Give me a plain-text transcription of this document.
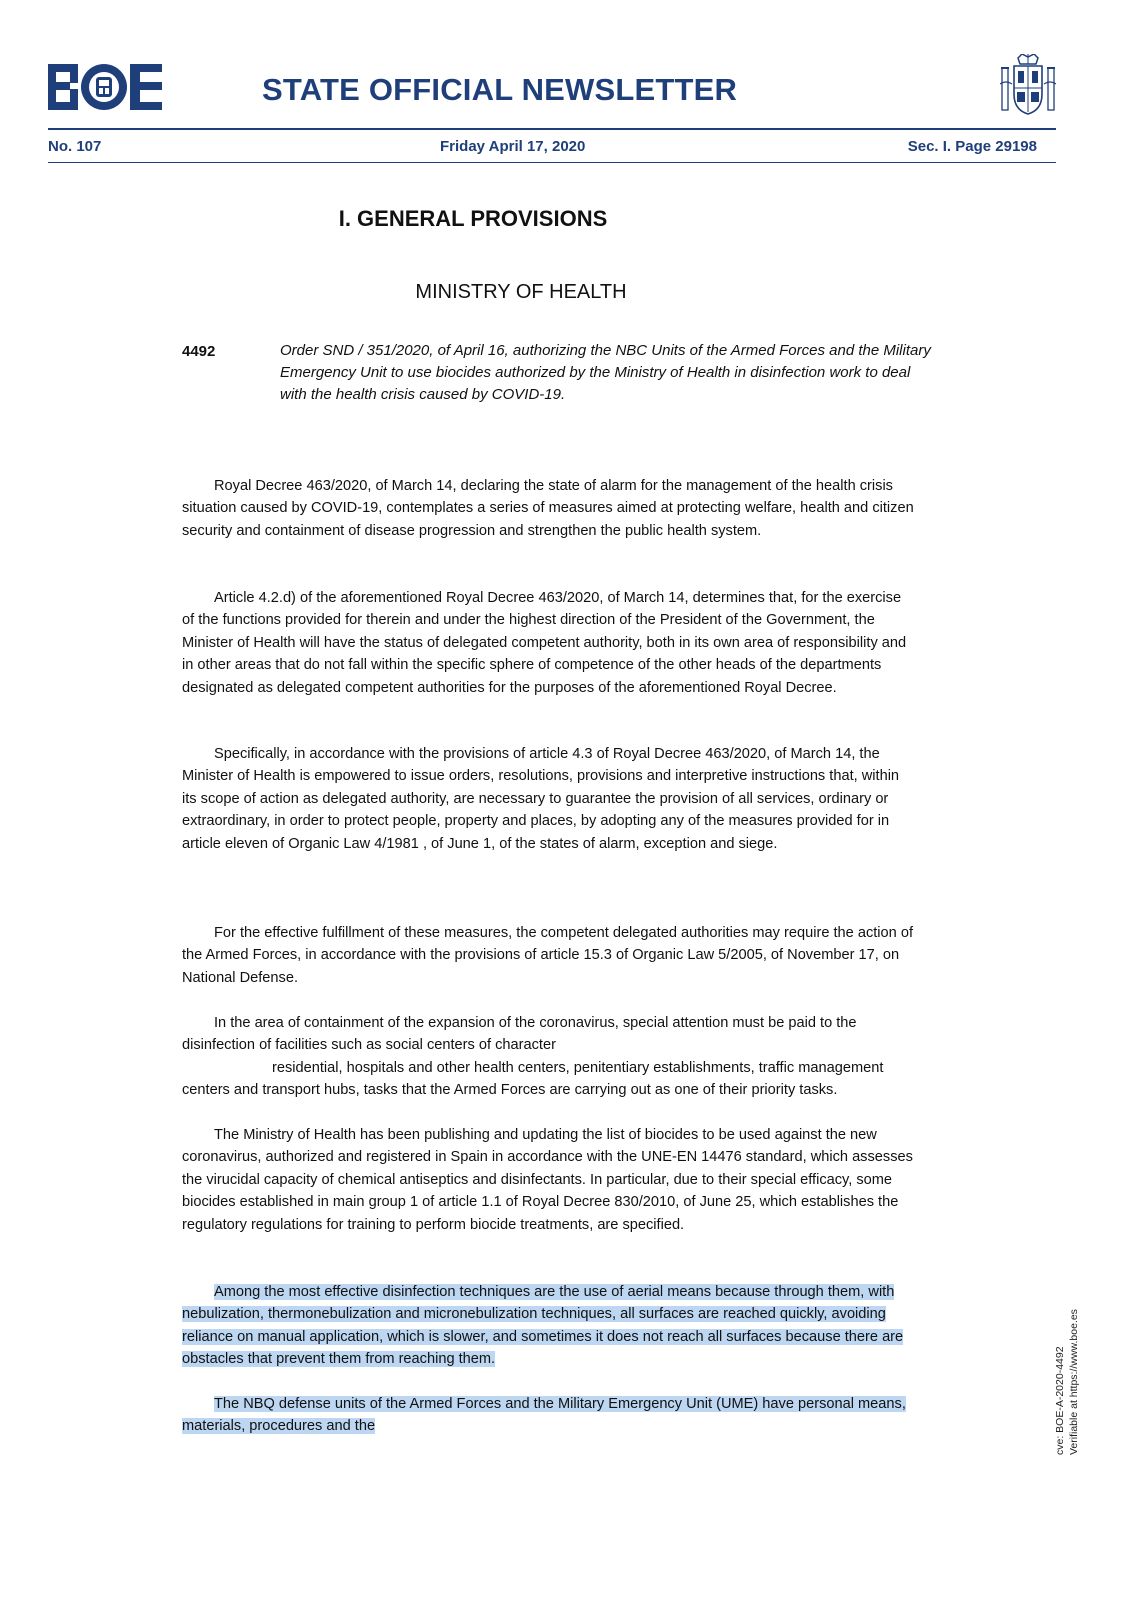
STATE OFFICIAL NEWSLETTER
No. 107	Friday April 17, 2020	Sec. I. Page 29198
I. GENERAL PROVISIONS
MINISTRY OF HEALTH
4492	Order SND / 351/2020, of April 16, authorizing the NBC Units of the Armed Forces and the Military
Emergency Unit to use biocides authorized by the Ministry of Health in disinfection work to deal
with the health crisis caused by COVID-19.
Royal Decree 463/2020, of March 14, declaring the state of alarm for the management of the health crisis
situation caused by COVID-19, contemplates a series of measures aimed at protecting welfare, health and citizen
security and containment of disease progression and strengthen the public health system.
Article 4.2.d) of the aforementioned Royal Decree 463/2020, of March 14, determines that, for the exercise
of the functions provided for therein and under the highest direction of the President of the Government, the
Minister of Health will have the status of delegated competent authority, both in its own area of responsibility and
in other areas that do not fall within the specific sphere of competence of the other heads of the departments
designated as delegated competent authorities for the purposes of the aforementioned Royal Decree.
Specifically, in accordance with the provisions of article 4.3 of Royal Decree 463/2020, of March 14, the
Minister of Health is empowered to issue orders, resolutions, provisions and interpretive instructions that, within
its scope of action as delegated authority, are necessary to guarantee the provision of all services, ordinary or
extraordinary, in order to protect people, property and places, by adopting any of the measures provided for in
article eleven of Organic Law 4/1981 , of June 1, of the states of alarm, exception and siege.
For the effective fulfillment of these measures, the competent delegated authorities may require the action of
the Armed Forces, in accordance with the provisions of article 15.3 of Organic Law 5/2005, of November 17, on
National Defense.
In the area of containment of the expansion of the coronavirus, special attention must be paid to the
disinfection of facilities such as social centers of character
residential, hospitals and other health centers, penitentiary establishments, traffic management
centers and transport hubs, tasks that the Armed Forces are carrying out as one of their priority tasks.
The Ministry of Health has been publishing and updating the list of biocides to be used against the new
coronavirus, authorized and registered in Spain in accordance with the UNE-EN 14476 standard, which assesses
the virucidal capacity of chemical antiseptics and disinfectants. In particular, due to their special efficacy, some
biocides established in main group 1 of article 1.1 of Royal Decree 830/2010, of June 25, which establishes the
regulatory regulations for training to perform biocide treatments, are specified.
Among the most effective disinfection techniques are the use of aerial means because through them, with
nebulization, thermonebulization and micronebulization techniques, all surfaces are reached quickly, avoiding
reliance on manual application, which is slower, and sometimes it does not reach all surfaces because there are
obstacles that prevent them from reaching them.
The NBQ defense units of the Armed Forces and the Military Emergency Unit (UME) have personal means,
materials, procedures and the	cve: BOE-A-2020-4492 Verifiable at https://www.boe.es
